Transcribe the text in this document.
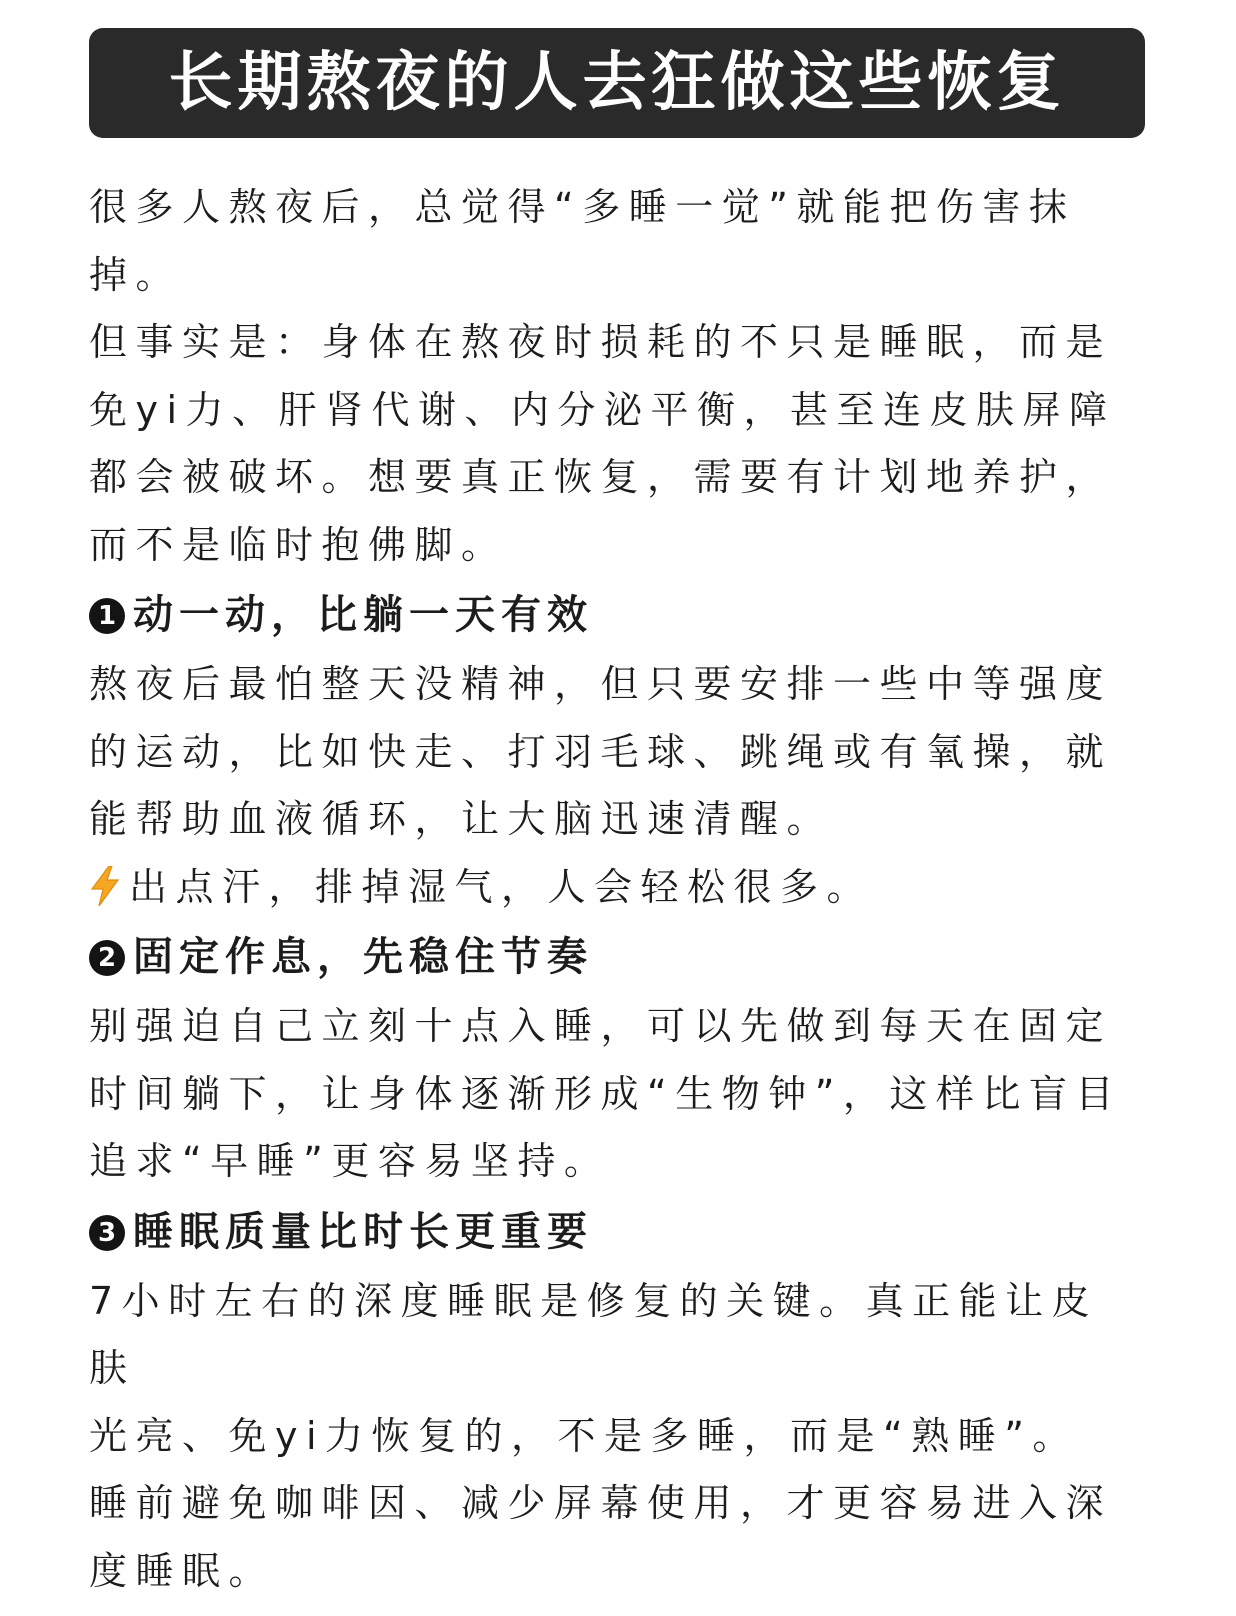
长期熬夜的人去狂做这些恢复

很多人熬夜后，总觉得“多睡一觉”就能把伤害抹

掉。

但事实是：身体在熬夜时损耗的不只是睡眠，而是

免yi力、肝肾代谢、内分泌平衡，甚至连皮肤屏障

都会被破坏。想要真正恢复，需要有计划地养护，

而不是临时抱佛脚。

1 动一动，比躺一天有效

熬夜后最怕整天没精神，但只要安排一些中等强度

的运动，比如快走、打羽毛球、跳绳或有氧操，就

能帮助血液循环，让大脑迅速清醒。

出点汗，排掉湿气，人会轻松很多。

2 固定作息，先稳住节奏

别强迫自己立刻十点入睡，可以先做到每天在固定

时间躺下，让身体逐渐形成“生物钟”，这样比盲目

追求“早睡”更容易坚持。

3 睡眠质量比时长更重要

7小时左右的深度睡眠是修复的关键。真正能让皮肤

光亮、免yi力恢复的，不是多睡，而是“熟睡”。

睡前避免咖啡因、减少屏幕使用，才更容易进入深

度睡眠。
